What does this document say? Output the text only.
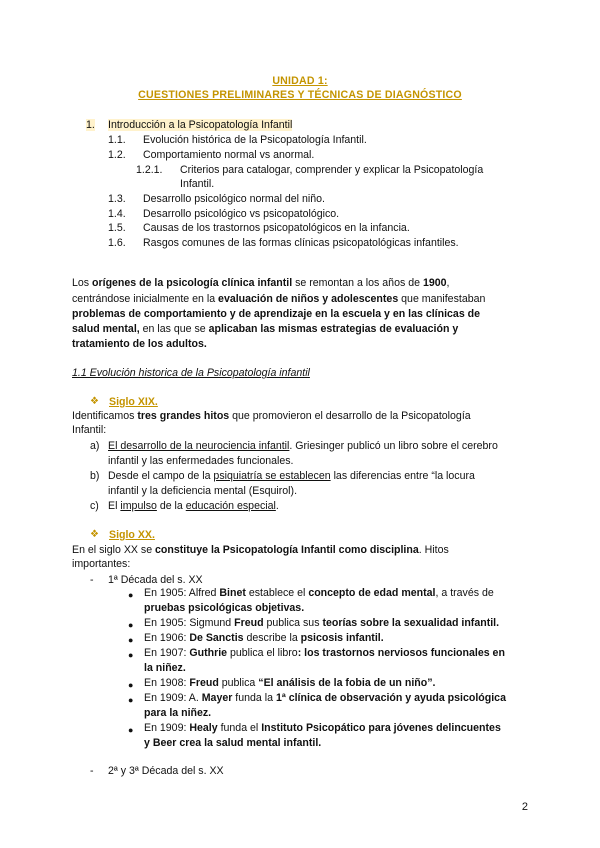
UNIDAD 1:
CUESTIONES PRELIMINARES Y TÉCNICAS DE DIAGNÓSTICO
1. Introducción a la Psicopatología Infantil
1.1. Evolución histórica de la Psicopatología Infantil.
1.2. Comportamiento normal vs anormal.
1.2.1. Criterios para catalogar, comprender y explicar la Psicopatología
Infantil.
1.3. Desarrollo psicológico normal del niño.
1.4. Desarrollo psicológico vs psicopatológico.
1.5. Causas de los trastornos psicopatológicos en la infancia.
1.6. Rasgos comunes de las formas clínicas psicopatológicas infantiles.
Los orígenes de la psicología clínica infantil se remontan a los años de 1900,
centrándose inicialmente en la evaluación de niños y adolescentes que manifestaban
problemas de comportamiento y de aprendizaje en la escuela y en las clínicas de
salud mental, en las que se aplicaban las mismas estrategias de evaluación y
tratamiento de los adultos.
1.1 Evolución historica de la Psicopatología infantil
❖ Siglo XIX.
Identificamos tres grandes hitos que promovieron el desarrollo de la Psicopatología
Infantil:
a) El desarrollo de la neurociencia infantil. Griesinger publicó un libro sobre el cerebro
infantil y las enfermedades funcionales.
b) Desde el campo de la psiquiatría se establecen las diferencias entre “la locura
infantil y la deficiencia mental (Esquirol).
c) El impulso de la educación especial.
❖ Siglo XX.
En el siglo XX se constituye la Psicopatología Infantil como disciplina. Hitos
importantes:
- 1ª Década del s. XX
● En 1905: Alfred Binet establece el concepto de edad mental, a través de
pruebas psicológicas objetivas.
● En 1905: Sigmund Freud publica sus teorías sobre la sexualidad infantil.
● En 1906: De Sanctis describe la psicosis infantil.
● En 1907: Guthrie publica el libro: los trastornos nerviosos funcionales en
la niñez.
● En 1908: Freud publica “El análisis de la fobia de un niño”.
● En 1909: A. Mayer funda la 1ª clínica de observación y ayuda psicológica
para la niñez.
● En 1909: Healy funda el Instituto Psicopático para jóvenes delincuentes
y Beer crea la salud mental infantil.
- 2ª y 3ª Década del s. XX
2
